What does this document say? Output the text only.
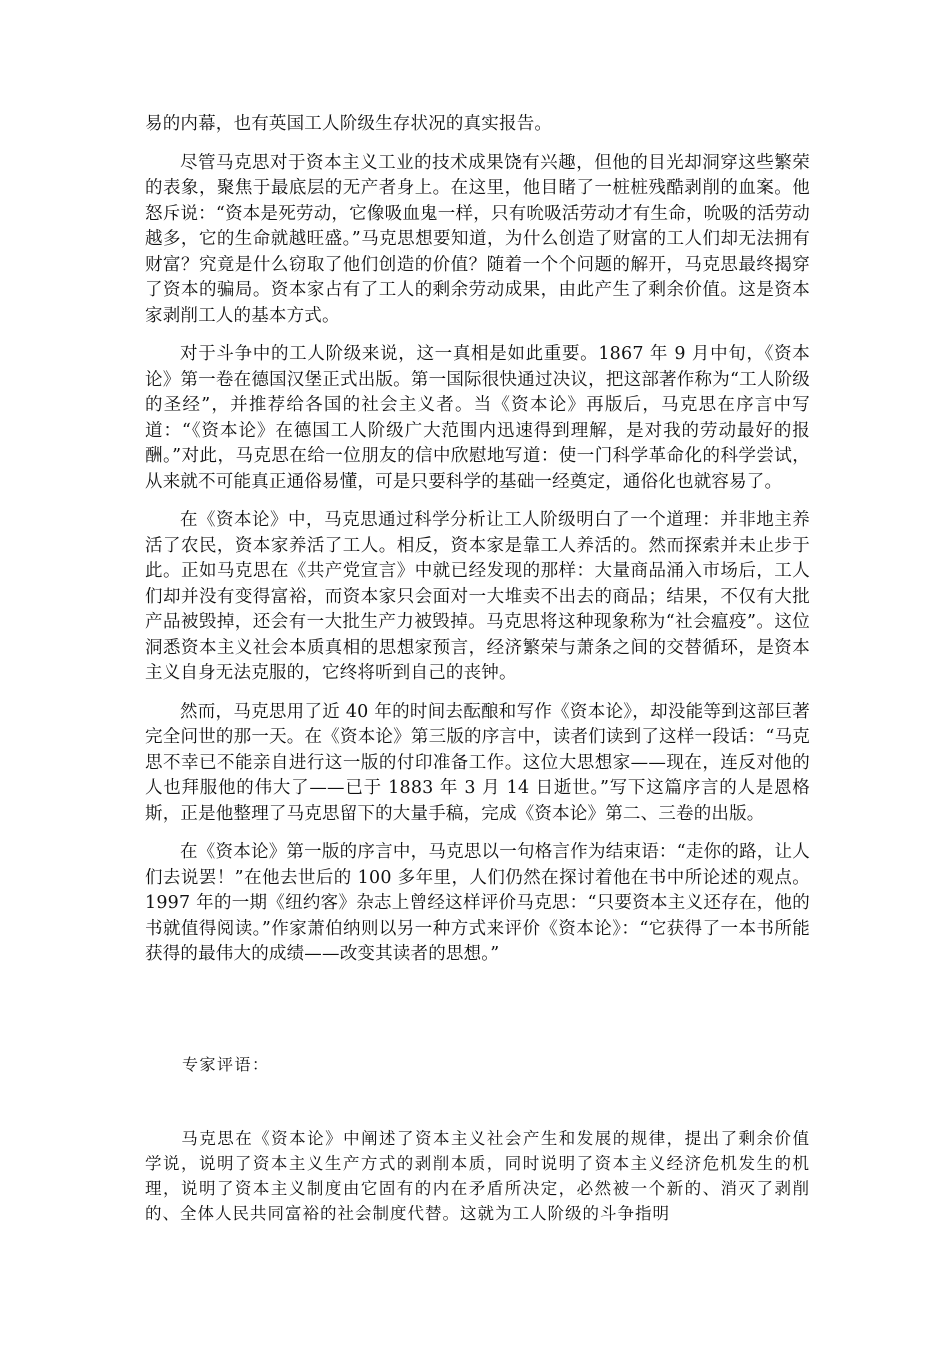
易的内幕，也有英国工人阶级生存状况的真实报告。

尽管马克思对于资本主义工业的技术成果饶有兴趣，但他的目光却洞穿这些繁荣的表象，聚焦于最底层的无产者身上。在这里，他目睹了一桩桩残酷剥削的血案。他怒斥说：“资本是死劳动，它像吸血鬼一样，只有吮吸活劳动才有生命，吮吸的活劳动越多，它的生命就越旺盛。”马克思想要知道，为什么创造了财富的工人们却无法拥有财富？究竟是什么窃取了他们创造的价值？随着一个个问题的解开，马克思最终揭穿了资本的骗局。资本家占有了工人的剩余劳动成果，由此产生了剩余价值。这是资本家剥削工人的基本方式。

对于斗争中的工人阶级来说，这一真相是如此重要。1867 年 9 月中旬，《资本论》第一卷在德国汉堡正式出版。第一国际很快通过决议，把这部著作称为“工人阶级的圣经”，并推荐给各国的社会主义者。当《资本论》再版后，马克思在序言中写道：“《资本论》在德国工人阶级广大范围内迅速得到理解，是对我的劳动最好的报酬。”对此，马克思在给一位朋友的信中欣慰地写道：使一门科学革命化的科学尝试，从来就不可能真正通俗易懂，可是只要科学的基础一经奠定，通俗化也就容易了。

在《资本论》中，马克思通过科学分析让工人阶级明白了一个道理：并非地主养活了农民，资本家养活了工人。相反，资本家是靠工人养活的。然而探索并未止步于此。正如马克思在《共产党宣言》中就已经发现的那样：大量商品涌入市场后，工人们却并没有变得富裕，而资本家只会面对一大堆卖不出去的商品；结果，不仅有大批产品被毁掉，还会有一大批生产力被毁掉。马克思将这种现象称为“社会瘟疫”。这位洞悉资本主义社会本质真相的思想家预言，经济繁荣与萧条之间的交替循环，是资本主义自身无法克服的，它终将听到自己的丧钟。

然而，马克思用了近 40 年的时间去酝酿和写作《资本论》，却没能等到这部巨著完全问世的那一天。在《资本论》第三版的序言中，读者们读到了这样一段话：“马克思不幸已不能亲自进行这一版的付印准备工作。这位大思想家——现在，连反对他的人也拜服他的伟大了——已于 1883 年 3 月 14 日逝世。”写下这篇序言的人是恩格斯，正是他整理了马克思留下的大量手稿，完成《资本论》第二、三卷的出版。

在《资本论》第一版的序言中，马克思以一句格言作为结束语：“走你的路，让人们去说罢！”在他去世后的 100 多年里，人们仍然在探讨着他在书中所论述的观点。1997 年的一期《纽约客》杂志上曾经这样评价马克思：“只要资本主义还存在，他的书就值得阅读。”作家萧伯纳则以另一种方式来评价《资本论》：“它获得了一本书所能获得的最伟大的成绩——改变其读者的思想。”

专家评语：

马克思在《资本论》中阐述了资本主义社会产生和发展的规律，提出了剩余价值学说，说明了资本主义生产方式的剥削本质，同时说明了资本主义经济危机发生的机理，说明了资本主义制度由它固有的内在矛盾所决定，必然被一个新的、消灭了剥削的、全体人民共同富裕的社会制度代替。这就为工人阶级的斗争指明
